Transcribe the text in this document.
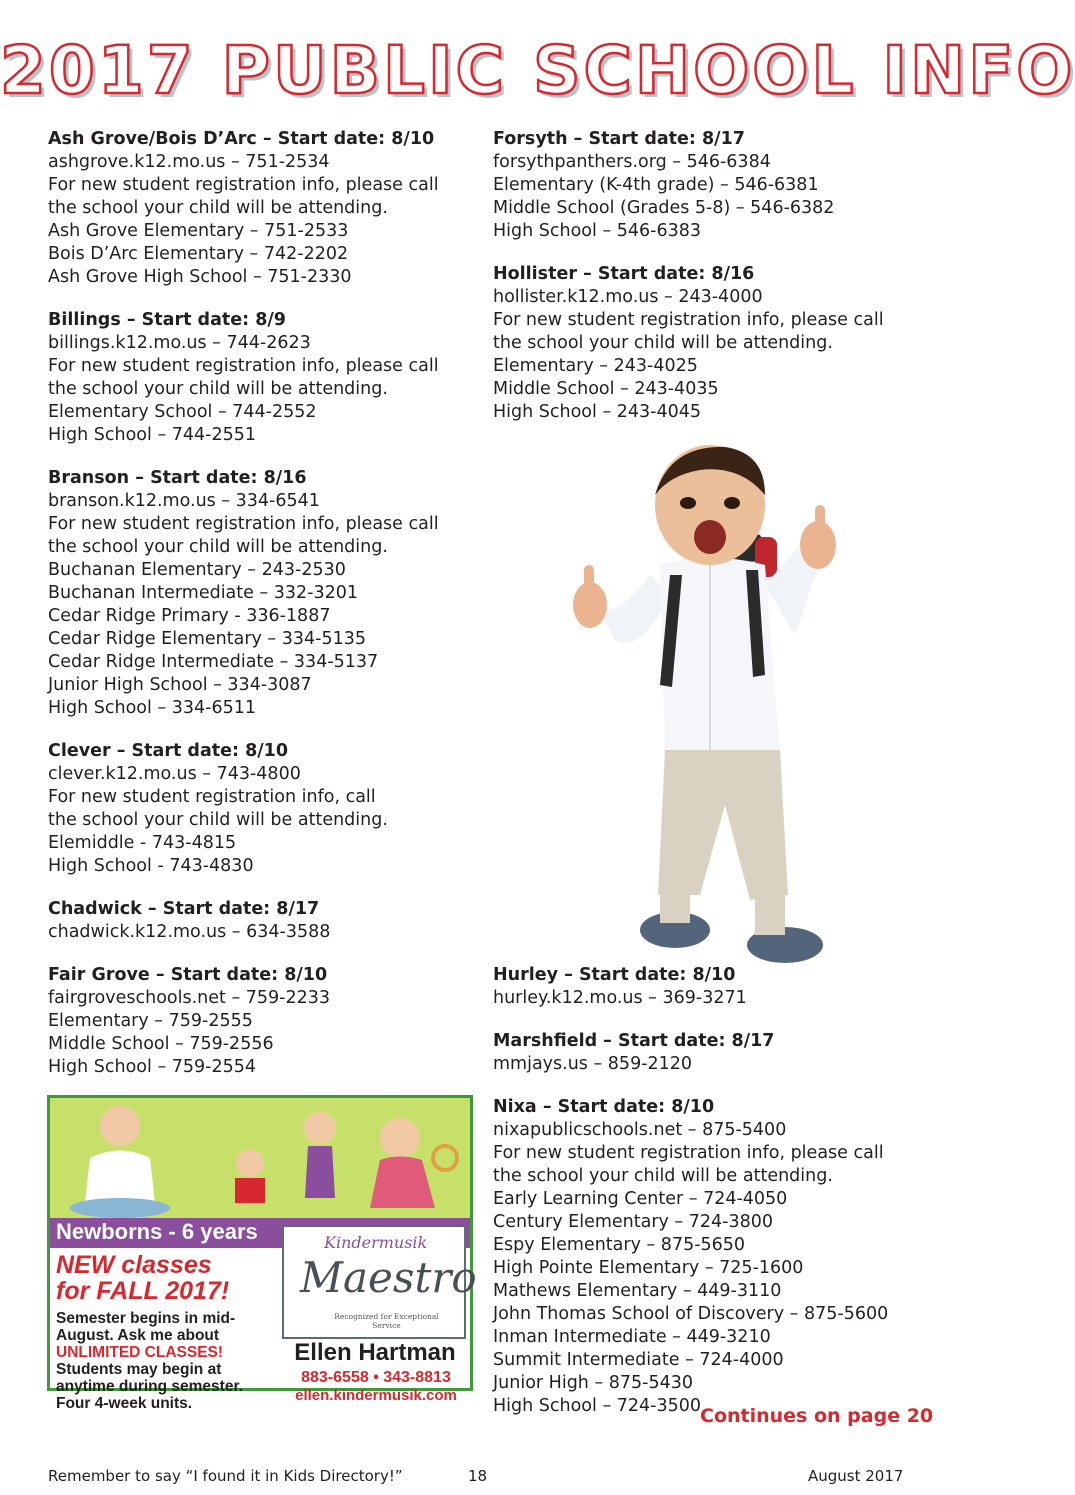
2017 PUBLIC SCHOOL INFO
Ash Grove/Bois D’Arc – Start date: 8/10
ashgrove.k12.mo.us – 751-2534
For new student registration info, please call
the school your child will be attending.
Ash Grove Elementary – 751-2533
Bois D’Arc Elementary – 742-2202
Ash Grove High School – 751-2330
Billings – Start date: 8/9
billings.k12.mo.us – 744-2623
For new student registration info, please call
the school your child will be attending.
Elementary School – 744-2552
High School – 744-2551
Branson – Start date: 8/16
branson.k12.mo.us – 334-6541
For new student registration info, please call
the school your child will be attending.
Buchanan Elementary – 243-2530
Buchanan Intermediate – 332-3201
Cedar Ridge Primary - 336-1887
Cedar Ridge Elementary – 334-5135
Cedar Ridge Intermediate – 334-5137
Junior High School – 334-3087
High School – 334-6511
Clever – Start date: 8/10
clever.k12.mo.us – 743-4800
For new student registration info, call
the school your child will be attending.
Elemiddle - 743-4815
High School - 743-4830
Chadwick – Start date: 8/17
chadwick.k12.mo.us – 634-3588
Fair Grove – Start date: 8/10
fairgroveschools.net – 759-2233
Elementary – 759-2555
Middle School – 759-2556
High School – 759-2554
Forsyth – Start date: 8/17
forsythpanthers.org – 546-6384
Elementary (K-4th grade) – 546-6381
Middle School (Grades 5-8) – 546-6382
High School – 546-6383
Hollister – Start date: 8/16
hollister.k12.mo.us – 243-4000
For new student registration info, please call
the school your child will be attending.
Elementary – 243-4025
Middle School – 243-4035
High School – 243-4045
Hurley – Start date: 8/10
hurley.k12.mo.us – 369-3271
Marshfield – Start date: 8/17
mmjays.us – 859-2120
Nixa – Start date: 8/10
nixapublicschools.net – 875-5400
For new student registration info, please call
the school your child will be attending.
Early Learning Center – 724-4050
Century Elementary – 724-3800
Espy Elementary – 875-5650
High Pointe Elementary – 725-1600
Mathews Elementary – 449-3110
John Thomas School of Discovery – 875-5600
Inman Intermediate – 449-3210
Summit Intermediate – 724-4000
Junior High – 875-5430
High School – 724-3500
Newborns - 6 years
NEW classes
for FALL 2017!
Semester begins in mid-
August. Ask me about
UNLIMITED CLASSES!
Students may begin at
anytime during semester.
Four 4-week units.
Kindermusik
Maestro
Recognized for Exceptional Service
Ellen Hartman
883-6558 • 343-8813
ellen.kindermusik.com
Continues on page 20
Remember to say “I found it in Kids Directory!”	18	August 2017
